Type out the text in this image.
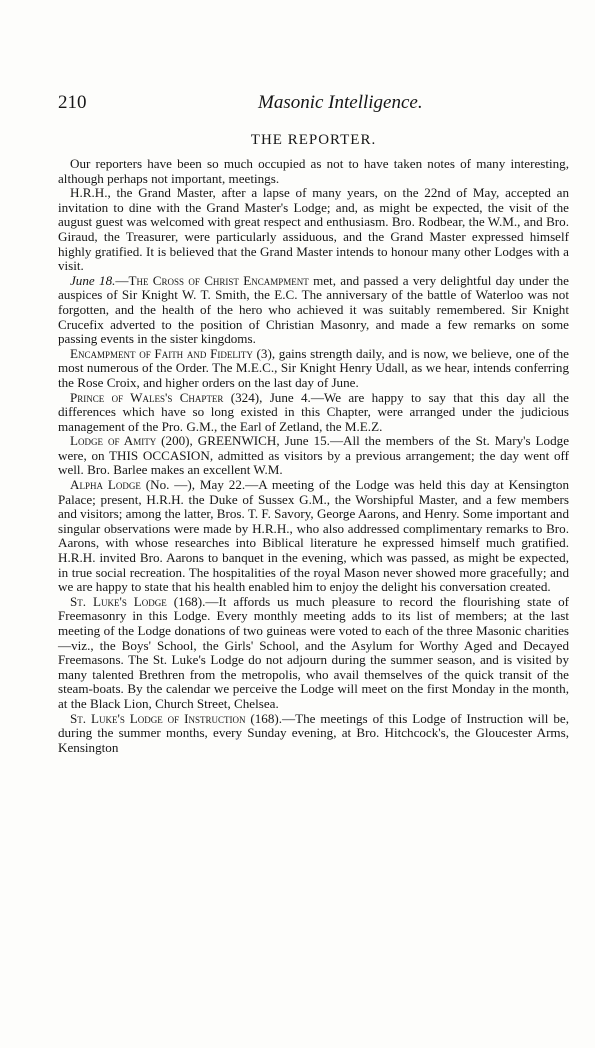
210	Masonic Intelligence.
THE REPORTER.

Our reporters have been so much occupied as not to have taken notes of many interesting, although perhaps not important, meetings.

H.R.H., the Grand Master, after a lapse of many years, on the 22nd of May, accepted an invitation to dine with the Grand Master's Lodge; and, as might be expected, the visit of the august guest was welcomed with great respect and enthusiasm. Bro. Rodbear, the W.M., and Bro. Giraud, the Treasurer, were particularly assiduous, and the Grand Master expressed himself highly gratified. It is believed that the Grand Master intends to honour many other Lodges with a visit.

June 18.—The Cross of Christ Encampment met, and passed a very delightful day under the auspices of Sir Knight W. T. Smith, the E.C. The anniversary of the battle of Waterloo was not forgotten, and the health of the hero who achieved it was suitably remembered. Sir Knight Crucefix adverted to the position of Christian Masonry, and made a few remarks on some passing events in the sister kingdoms.

Encampment of Faith and Fidelity (3), gains strength daily, and is now, we believe, one of the most numerous of the Order. The M.E.C., Sir Knight Henry Udall, as we hear, intends conferring the Rose Croix, and higher orders on the last day of June.

Prince of Wales's Chapter (324), June 4.—We are happy to say that this day all the differences which have so long existed in this Chapter, were arranged under the judicious management of the Pro. G.M., the Earl of Zetland, the M.E.Z.

Lodge of Amity (200), GREENWICH, June 15.—All the members of the St. Mary's Lodge were, on THIS OCCASION, admitted as visitors by a previous arrangement; the day went off well. Bro. Barlee makes an excellent W.M.

Alpha Lodge (No. —), May 22.—A meeting of the Lodge was held this day at Kensington Palace; present, H.R.H. the Duke of Sussex G.M., the Worshipful Master, and a few members and visitors; among the latter, Bros. T. F. Savory, George Aarons, and Henry. Some important and singular observations were made by H.R.H., who also addressed complimentary remarks to Bro. Aarons, with whose researches into Biblical literature he expressed himself much gratified. H.R.H. invited Bro. Aarons to banquet in the evening, which was passed, as might be expected, in true social recreation. The hospitalities of the royal Mason never showed more gracefully; and we are happy to state that his health enabled him to enjoy the delight his conversation created.

St. Luke's Lodge (168).—It affords us much pleasure to record the flourishing state of Freemasonry in this Lodge. Every monthly meeting adds to its list of members; at the last meeting of the Lodge donations of two guineas were voted to each of the three Masonic charities—viz., the Boys' School, the Girls' School, and the Asylum for Worthy Aged and Decayed Freemasons. The St. Luke's Lodge do not adjourn during the summer season, and is visited by many talented Brethren from the metropolis, who avail themselves of the quick transit of the steam-boats. By the calendar we perceive the Lodge will meet on the first Monday in the month, at the Black Lion, Church Street, Chelsea.

St. Luke's Lodge of Instruction (168).—The meetings of this Lodge of Instruction will be, during the summer months, every Sunday evening, at Bro. Hitchcock's, the Gloucester Arms, Kensington
